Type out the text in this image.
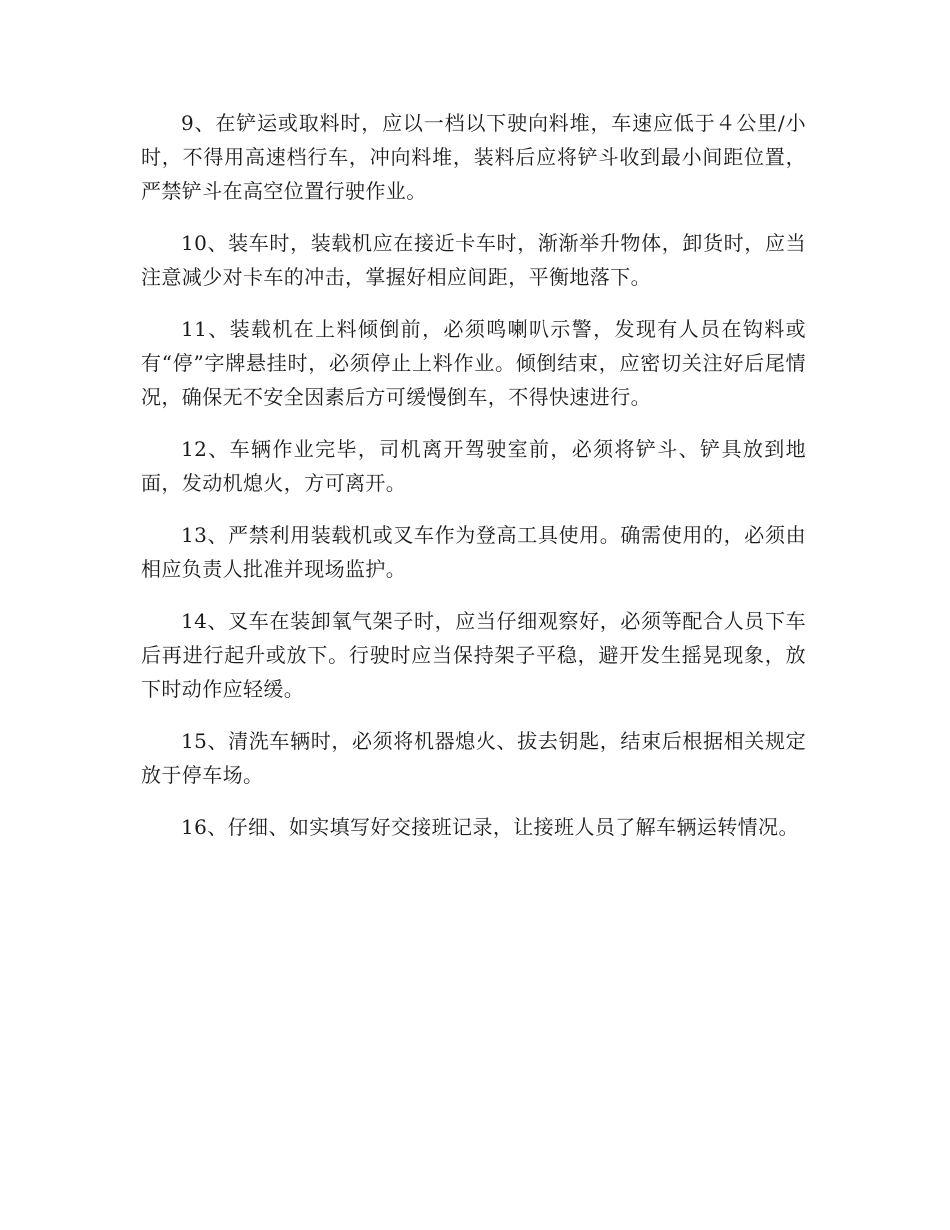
9、在铲运或取料时，应以一档以下驶向料堆，车速应低于４公里/小时，不得用高速档行车，冲向料堆，装料后应将铲斗收到最小间距位置，严禁铲斗在高空位置行驶作业。

10、装车时，装载机应在接近卡车时，渐渐举升物体，卸货时，应当注意减少对卡车的冲击，掌握好相应间距，平衡地落下。

11、装载机在上料倾倒前，必须鸣喇叭示警，发现有人员在钩料或有“停”字牌悬挂时，必须停止上料作业。倾倒结束，应密切关注好后尾情况，确保无不安全因素后方可缓慢倒车，不得快速进行。

12、车辆作业完毕，司机离开驾驶室前，必须将铲斗、铲具放到地面，发动机熄火，方可离开。

13、严禁利用装载机或叉车作为登高工具使用。确需使用的，必须由相应负责人批准并现场监护。

14、叉车在装卸氧气架子时，应当仔细观察好，必须等配合人员下车后再进行起升或放下。行驶时应当保持架子平稳，避开发生摇晃现象，放下时动作应轻缓。

15、清洗车辆时，必须将机器熄火、拔去钥匙，结束后根据相关规定放于停车场。

16、仔细、如实填写好交接班记录，让接班人员了解车辆运转情况。
